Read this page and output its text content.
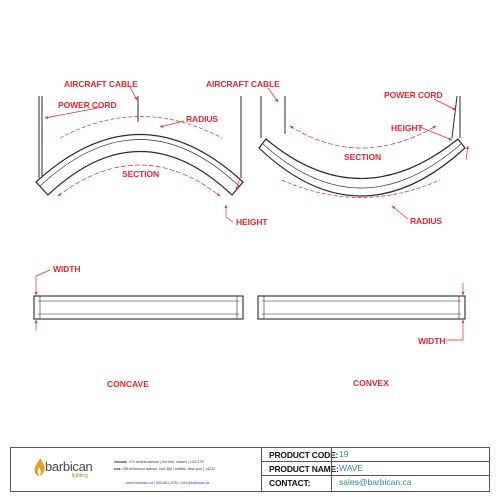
AIRCRAFT CABLE
POWER CORD
RADIUS
SECTION
HEIGHT
AIRCRAFT CABLE
POWER CORD
HEIGHT
SECTION
RADIUS
WIDTH
WIDTH
CONCAVE	CONVEX
barbican
lighting
canada: 479 central avenue | fort erie, ontario | L2A 3T8
usa: 298 ellmwood avenue, unit 388 | buffalo, new york | 14222
www.barbican.ca | 800-661-5781 | info@barbican.ca
PRODUCT CODE: 19
PRODUCT NAME: WAVE
CONTACT:	sales@barbican.ca
